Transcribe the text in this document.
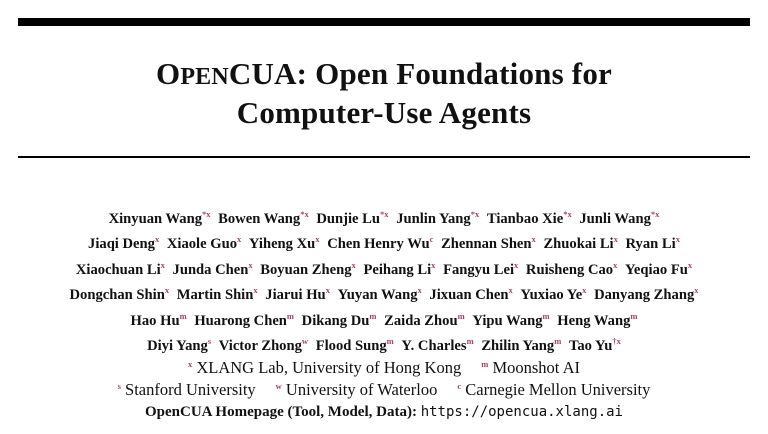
OPENCUA: Open Foundations for
Computer-Use Agents
Xinyuan Wang$^{*x}$ Bowen Wang$^{*x}$ Dunjie Lu$^{*x}$ Junlin Yang$^{*x}$ Tianbao Xie$^{*x}$ Junli Wang$^{*x}$
Jiaqi Deng$^x$ Xiaole Guo$^x$ Yiheng Xu$^x$ Chen Henry Wu$^c$ Zhennan Shen$^x$ Zhuokai Li$^x$ Ryan Li$^x$
Xiaochuan Li$^x$ Junda Chen$^x$ Boyuan Zheng$^x$ Peihang Li$^x$ Fangyu Lei$^x$ Ruisheng Cao$^x$ Yeqiao Fu$^x$
Dongchan Shin$^x$ Martin Shin$^x$ Jiarui Hu$^x$ Yuyan Wang$^x$ Jixuan Chen$^x$ Yuxiao Ye$^x$ Danyang Zhang$^x$
Hao Hu$^m$ Huarong Chen$^m$ Dikang Du$^m$ Zaida Zhou$^m$ Yipu Wang$^m$ Heng Wang$^m$
Diyi Yang$^s$ Victor Zhong$^w$ Flood Sung$^m$ Y. Charles$^m$ Zhilin Yang$^m$ Tao Yu$^{\dagger x}$
$^x$ XLANG Lab, University of Hong Kong $^m$ Moonshot AI
$^s$ Stanford University $^w$ University of Waterloo $^c$ Carnegie Mellon University
OpenCUA Homepage (Tool, Model, Data): https://opencua.xlang.ai
